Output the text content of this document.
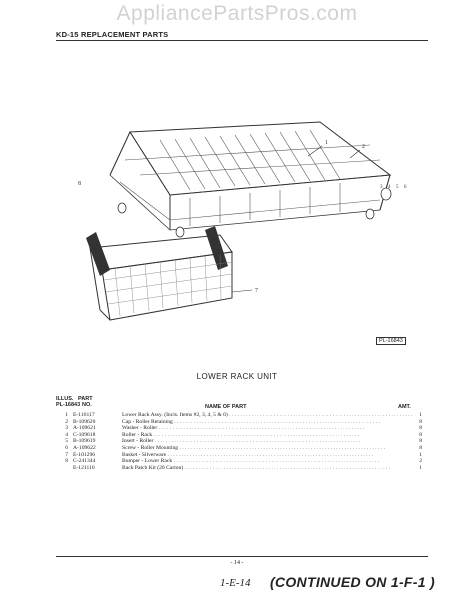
AppliancePartsPros.com
KD-15 REPLACEMENT PARTS
1
2
3 4 5 6
7
8
PL-16843
LOWER RACK UNIT
ILLUS.
PL-16843
PART
NO.	NAME OF PART	AMT.
1 E-116117	Lower Rack Assy. (Incls. Items #2, 3, 4, 5 & 6) . . .	1
2 B-109620	Cap - Roller Retaining . . .	8
3 A-109621	Washer - Roller . . .	8
4 C-109618	Roller - Rack . . .	8
5 B-109619	Insert - Roller . . .	8
6 A-109622	Screw - Roller Mounting . . .	8
7 E-101296	Basket - Silverware . . .	1
8 C-241344	Bumper - Lower Rack . . .	2
E-121110	Back Patch Kit (20 Carton) . . .	1
- 14 -
1-E-14 (CONTINUED ON 1-F-1 )
